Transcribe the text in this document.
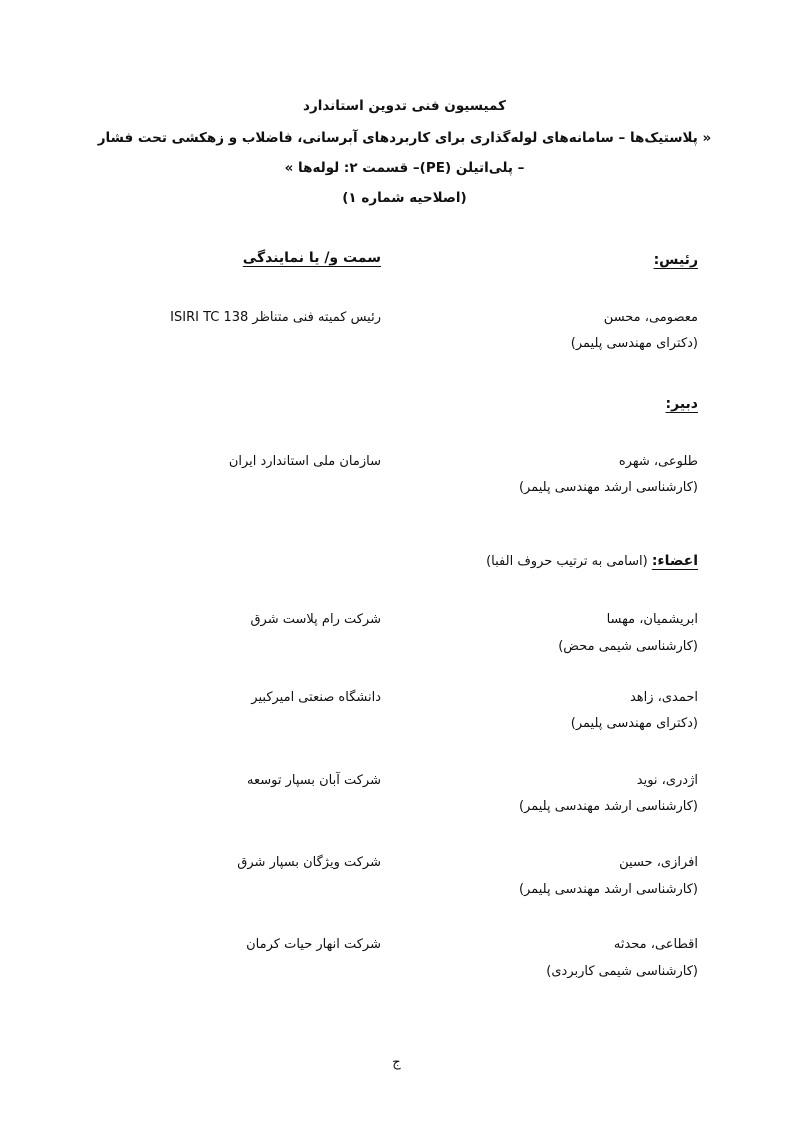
کمیسیون فنی تدوین استاندارد
« پلاستیک‌ها – سامانه‌های لوله‌گذاری برای کاربردهای آبرسانی، فاضلاب و زهکشی تحت فشار
– پلی‌اتیلن (PE)– قسمت ۲: لوله‌ها »
(اصلاحیه شماره ۱)
رئیس:
سمت و/ یا نمایندگی
معصومی، محسن
(دکترای مهندسی پلیمر)
رئیس کمیته فنی متناظر ISIRI TC 138
دبیر:
طلوعی، شهره
(کارشناسی ارشد مهندسی پلیمر)
سازمان ملی استاندارد ایران
اعضاء: (اسامی به ترتیب حروف الفبا)
ابریشمیان، مهسا
(کارشناسی شیمی محض)
شرکت رام پلاست شرق
احمدی، زاهد
(دکترای مهندسی پلیمر)
دانشگاه صنعتی امیرکبیر
اژدری، نوید
(کارشناسی ارشد مهندسی پلیمر)
شرکت آبان بسپار توسعه
افرازی، حسین
(کارشناسی ارشد مهندسی پلیمر)
شرکت ویژگان بسپار شرق
اقطاعی، محدثه
(کارشناسی شیمی کاربردی)
شرکت انهار حیات کرمان
ج
